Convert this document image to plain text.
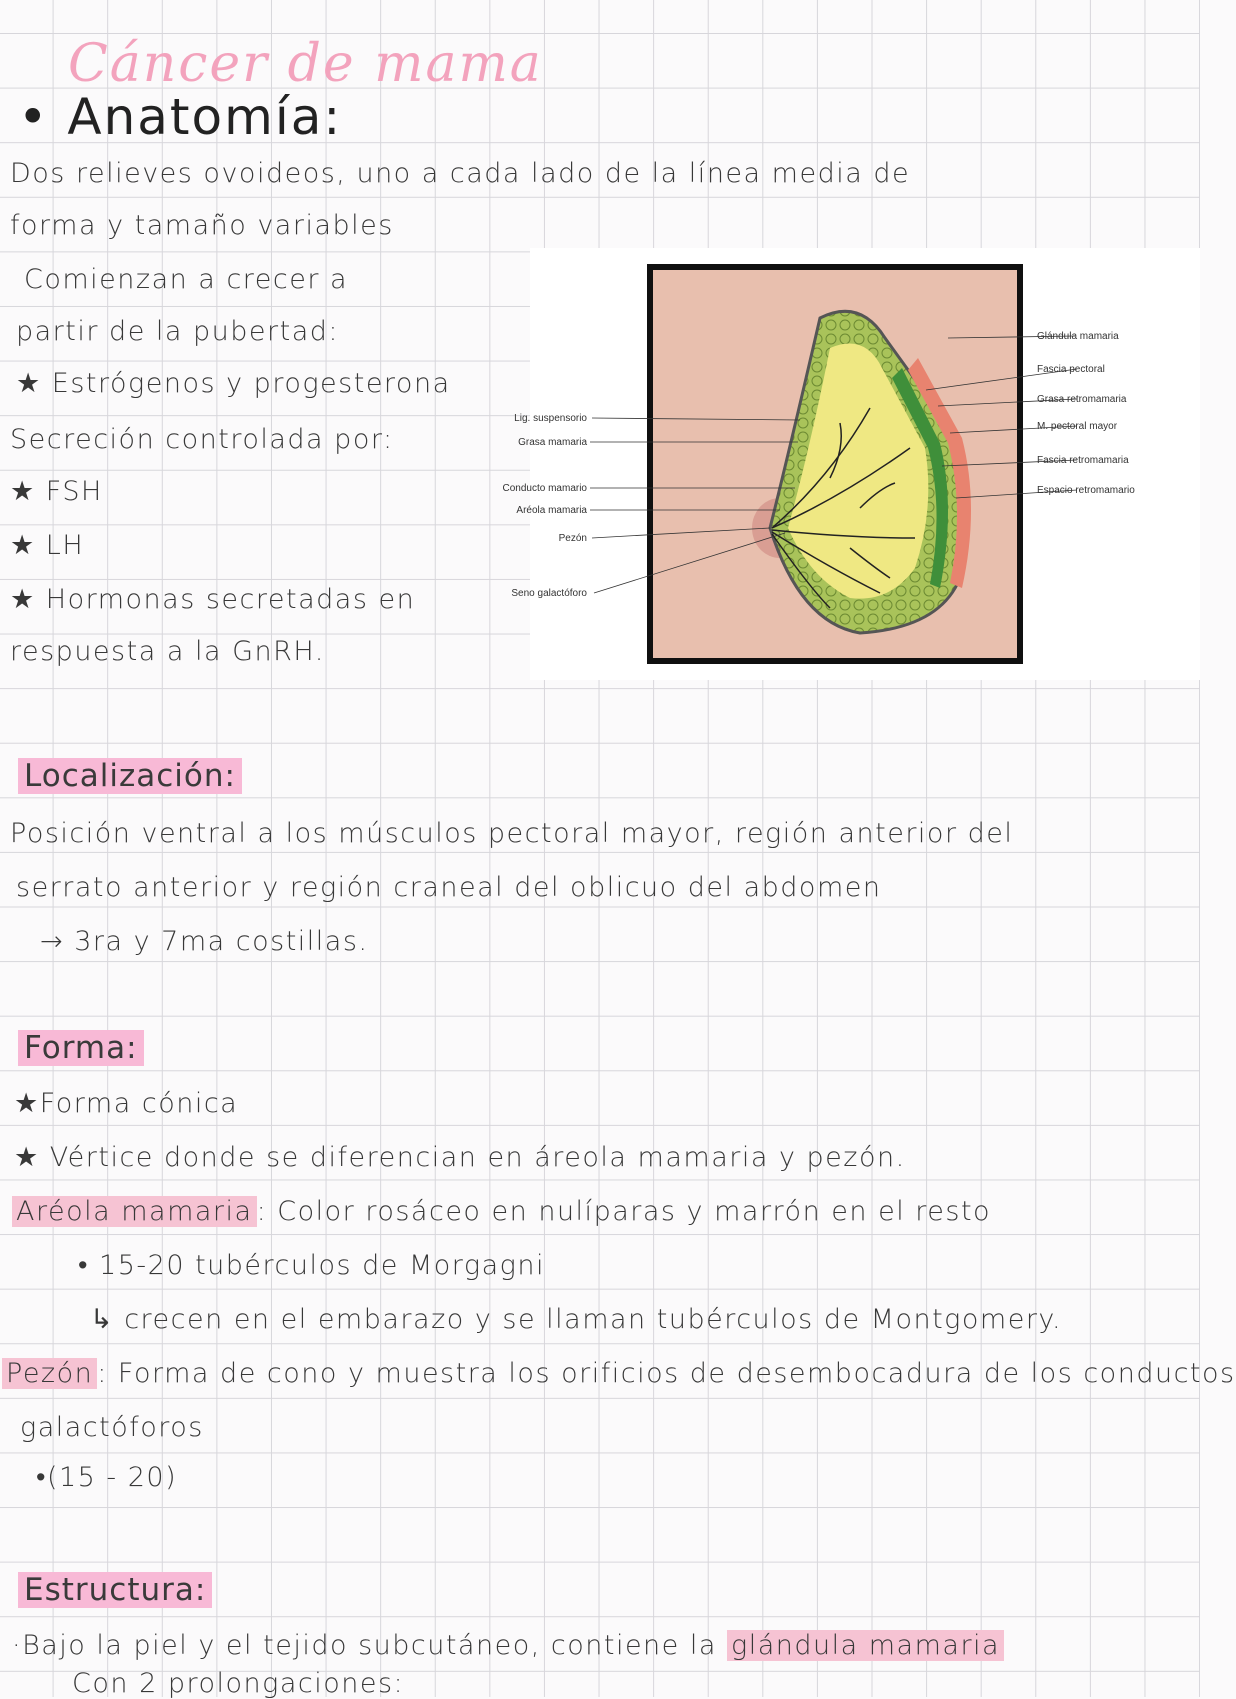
Cáncer de mama
• Anatomía:
Dos relieves ovoideos, uno a cada lado de la línea media de
forma y tamaño variables
Comienzan a crecer a
partir de la pubertad:
★ Estrógenos y progesterona
Secreción controlada por:
★ FSH
★ LH
★ Hormonas secretadas en
respuesta a la GnRH.
Lig. suspensorio
Grasa mamaria
Conducto mamario
Aréola mamaria
Pezón
Seno galactóforo
Glándula mamaria
Fascia pectoral
Grasa retromamaria
M. pectoral mayor
Fascia retromamaria
Espacio retromamario
Localización:
Posición ventral a los músculos pectoral mayor, región anterior del
serrato anterior y región craneal del oblicuo del abdomen
→ 3ra y 7ma costillas.
Forma:
★Forma cónica
★ Vértice donde se diferencian en áreola mamaria y pezón.
Aréola mamaria : Color rosáceo en nulíparas y marrón en el resto
• 15-20 tubérculos de Morgagni
↳ crecen en el embarazo y se llaman tubérculos de Montgomery.
Pezón : Forma de cono y muestra los orificios de desembocadura de los conductos
galactóforos
•(15 - 20)
Estructura:
·Bajo la piel y el tejido subcutáneo, contiene la glándula mamaria
Con 2 prolongaciones:
